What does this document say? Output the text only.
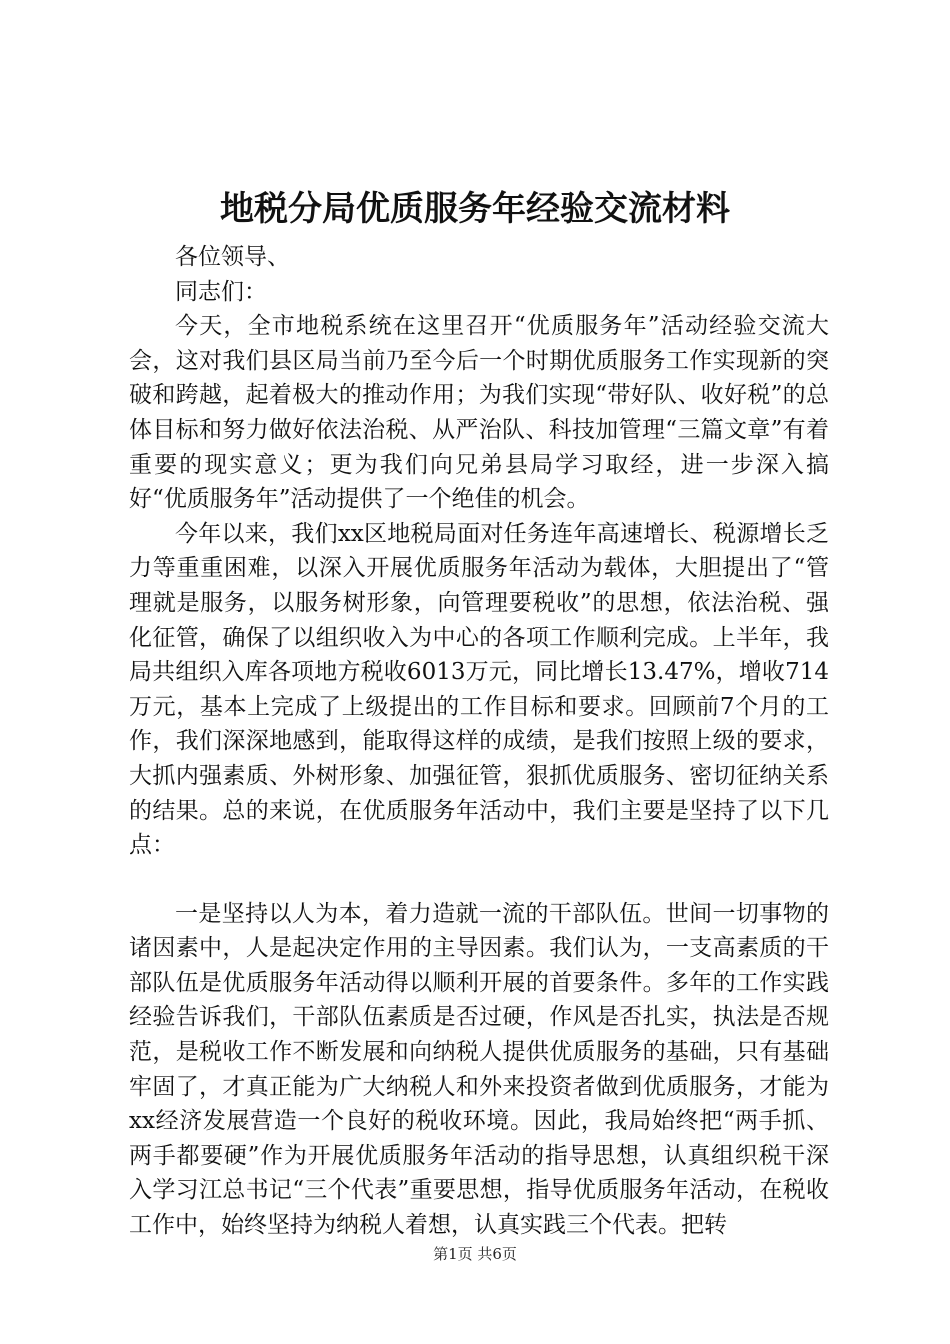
地税分局优质服务年经验交流材料

各位领导、

同志们：

今天，全市地税系统在这里召开“优质服务年”活动经验交流大会，这对我们县区局当前乃至今后一个时期优质服务工作实现新的突破和跨越，起着极大的推动作用；为我们实现“带好队、收好税”的总体目标和努力做好依法治税、从严治队、科技加管理“三篇文章”有着重要的现实意义；更为我们向兄弟县局学习取经，进一步深入搞好“优质服务年”活动提供了一个绝佳的机会。

今年以来，我们xx区地税局面对任务连年高速增长、税源增长乏力等重重困难，以深入开展优质服务年活动为载体，大胆提出了“管理就是服务，以服务树形象，向管理要税收”的思想，依法治税、强化征管，确保了以组织收入为中心的各项工作顺利完成。上半年，我局共组织入库各项地方税收6013万元，同比增长13.47%，增收714万元，基本上完成了上级提出的工作目标和要求。回顾前7个月的工作，我们深深地感到，能取得这样的成绩，是我们按照上级的要求，大抓内强素质、外树形象、加强征管，狠抓优质服务、密切征纳关系的结果。总的来说，在优质服务年活动中，我们主要是坚持了以下几点：

一是坚持以人为本，着力造就一流的干部队伍。世间一切事物的诸因素中，人是起决定作用的主导因素。我们认为，一支高素质的干部队伍是优质服务年活动得以顺利开展的首要条件。多年的工作实践经验告诉我们，干部队伍素质是否过硬，作风是否扎实，执法是否规范，是税收工作不断发展和向纳税人提供优质服务的基础，只有基础牢固了，才真正能为广大纳税人和外来投资者做到优质服务，才能为xx经济发展营造一个良好的税收环境。因此，我局始终把“两手抓、两手都要硬”作为开展优质服务年活动的指导思想，认真组织税干深入学习江总书记“三个代表”重要思想，指导优质服务年活动，在税收工作中，始终坚持为纳税人着想，认真实践三个代表。把转

第1页 共6页
